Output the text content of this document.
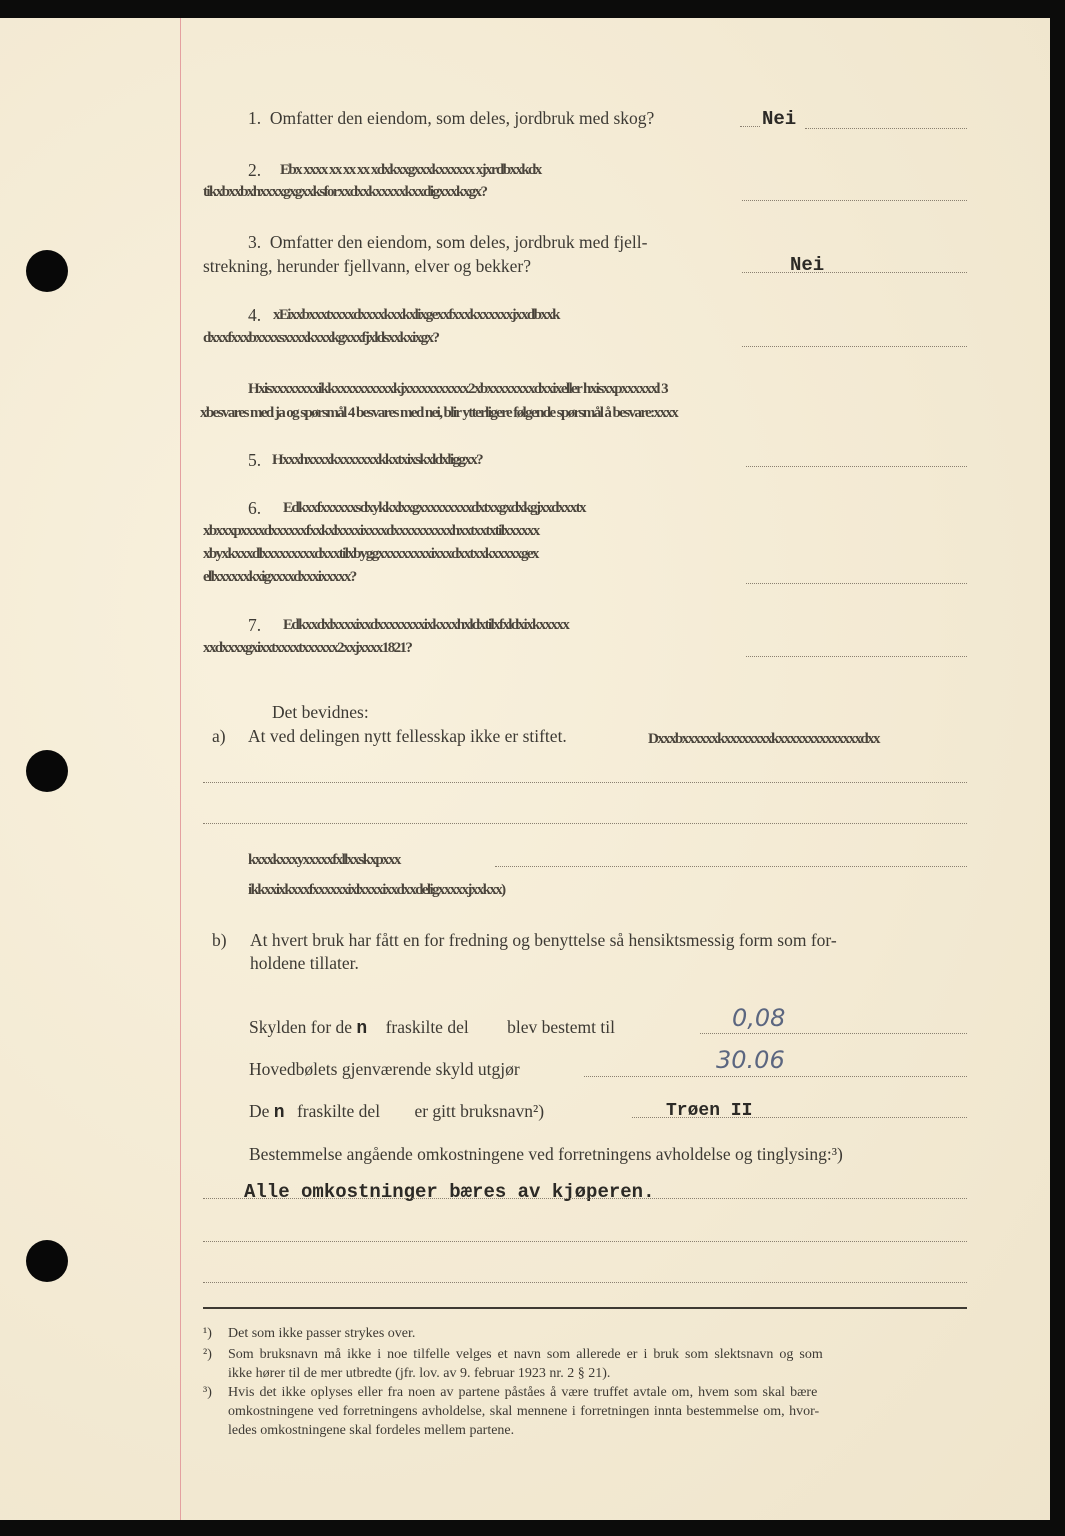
1. Omfatter den eiendom, som deles, jordbruk med skog?	Nei
2. Ebx xxxx xx xx xx xdxkxxgxxxkxxxxxx xjxrdbxxkdx
tikxbxxbxhxxxxgxgxxksforxxdxxkxxxxxkxxdigxxxkxgx?
3. Omfatter den eiendom, som deles, jordbruk med fjell-
strekning, herunder fjellvann, elver og bekker?	Nei
4. xEixxbxxxtxxxxdxxxxkxxkxlixgexxfxxxkxxxxxxjxxdbxxk
dxxxfxxxbxxxxsxxxxkxxxkgxxxfjxldsxxkxixgx?
Hxisxxxxxxxxikkxxxxxxxxxxkjxxxxxxxxxxx2xbxxxxxxxxdxxixeller hxisxxpxxxxxxl 3
xbesvares med ja og spørsmål 4 besvares med nei, blir ytterligere følgende spørsmål å besvare:xxxx
5. Hxxxhxxxxkxxxxxxxkkxtxixskxldxliggxx?
6. Edkxxfxxxxxxsdxykkxlxxgxxxxxxxxxdxtxxgxdxkgjxxdxxxtx
xbxxxpxxxxdxxxxxxfxxkxlxxxxixxxxdxxxxxxxxxxhxxtxxtxtilxxxxxx
xbyxkxxxdlxxxxxxxxxdxxxtilxbyggxxxxxxxxxixxxdxxtxxkxxxxxgex
ellxxxxxxkxigxxxxdxxxixxxxx?
7. Edkxxdxlxxxxixxdxxxxxxxxixkxxxhxldxtilxfxldxixkxxxxx
xxdxxxxgxixxtxxxxtxxxxxx2xxjxxxx1821?
Det bevidnes:
a) At ved delingen nytt fellesskap ikke er stiftet.	Dxxxbxxxxxxkxxxxxxxxkxxxxxxxxxxxxxxdxx
kxxxkxxxyxxxxxfxllxxskxpxxx
ikkxxixkxxxfxxxxxxixlxxxxixxdxxdeligxxxxxjxxkxx)
b) At hvert bruk har fått en for fredning og benyttelse så hensiktsmessig form som for-
holdene tillater.
Skylden for de n fraskilte del blev bestemt til	0,08
Hovedbølets gjenværende skyld utgjør	30.06
De n fraskilte del er gitt bruksnavn²)	Trøen II
Bestemmelse angående omkostningene ved forretningens avholdelse og tinglysing:³)
Alle omkostninger bæres av kjøperen.
¹) Det som ikke passer strykes over.
²) Som bruksnavn må ikke i noe tilfelle velges et navn som allerede er i bruk som slektsnavn og som
ikke hører til de mer utbredte (jfr. lov. av 9. februar 1923 nr. 2 § 21).
³) Hvis det ikke oplyses eller fra noen av partene påståes å være truffet avtale om, hvem som skal bære
omkostningene ved forretningens avholdelse, skal mennene i forretningen innta bestemmelse om, hvor-
ledes omkostningene skal fordeles mellem partene.
